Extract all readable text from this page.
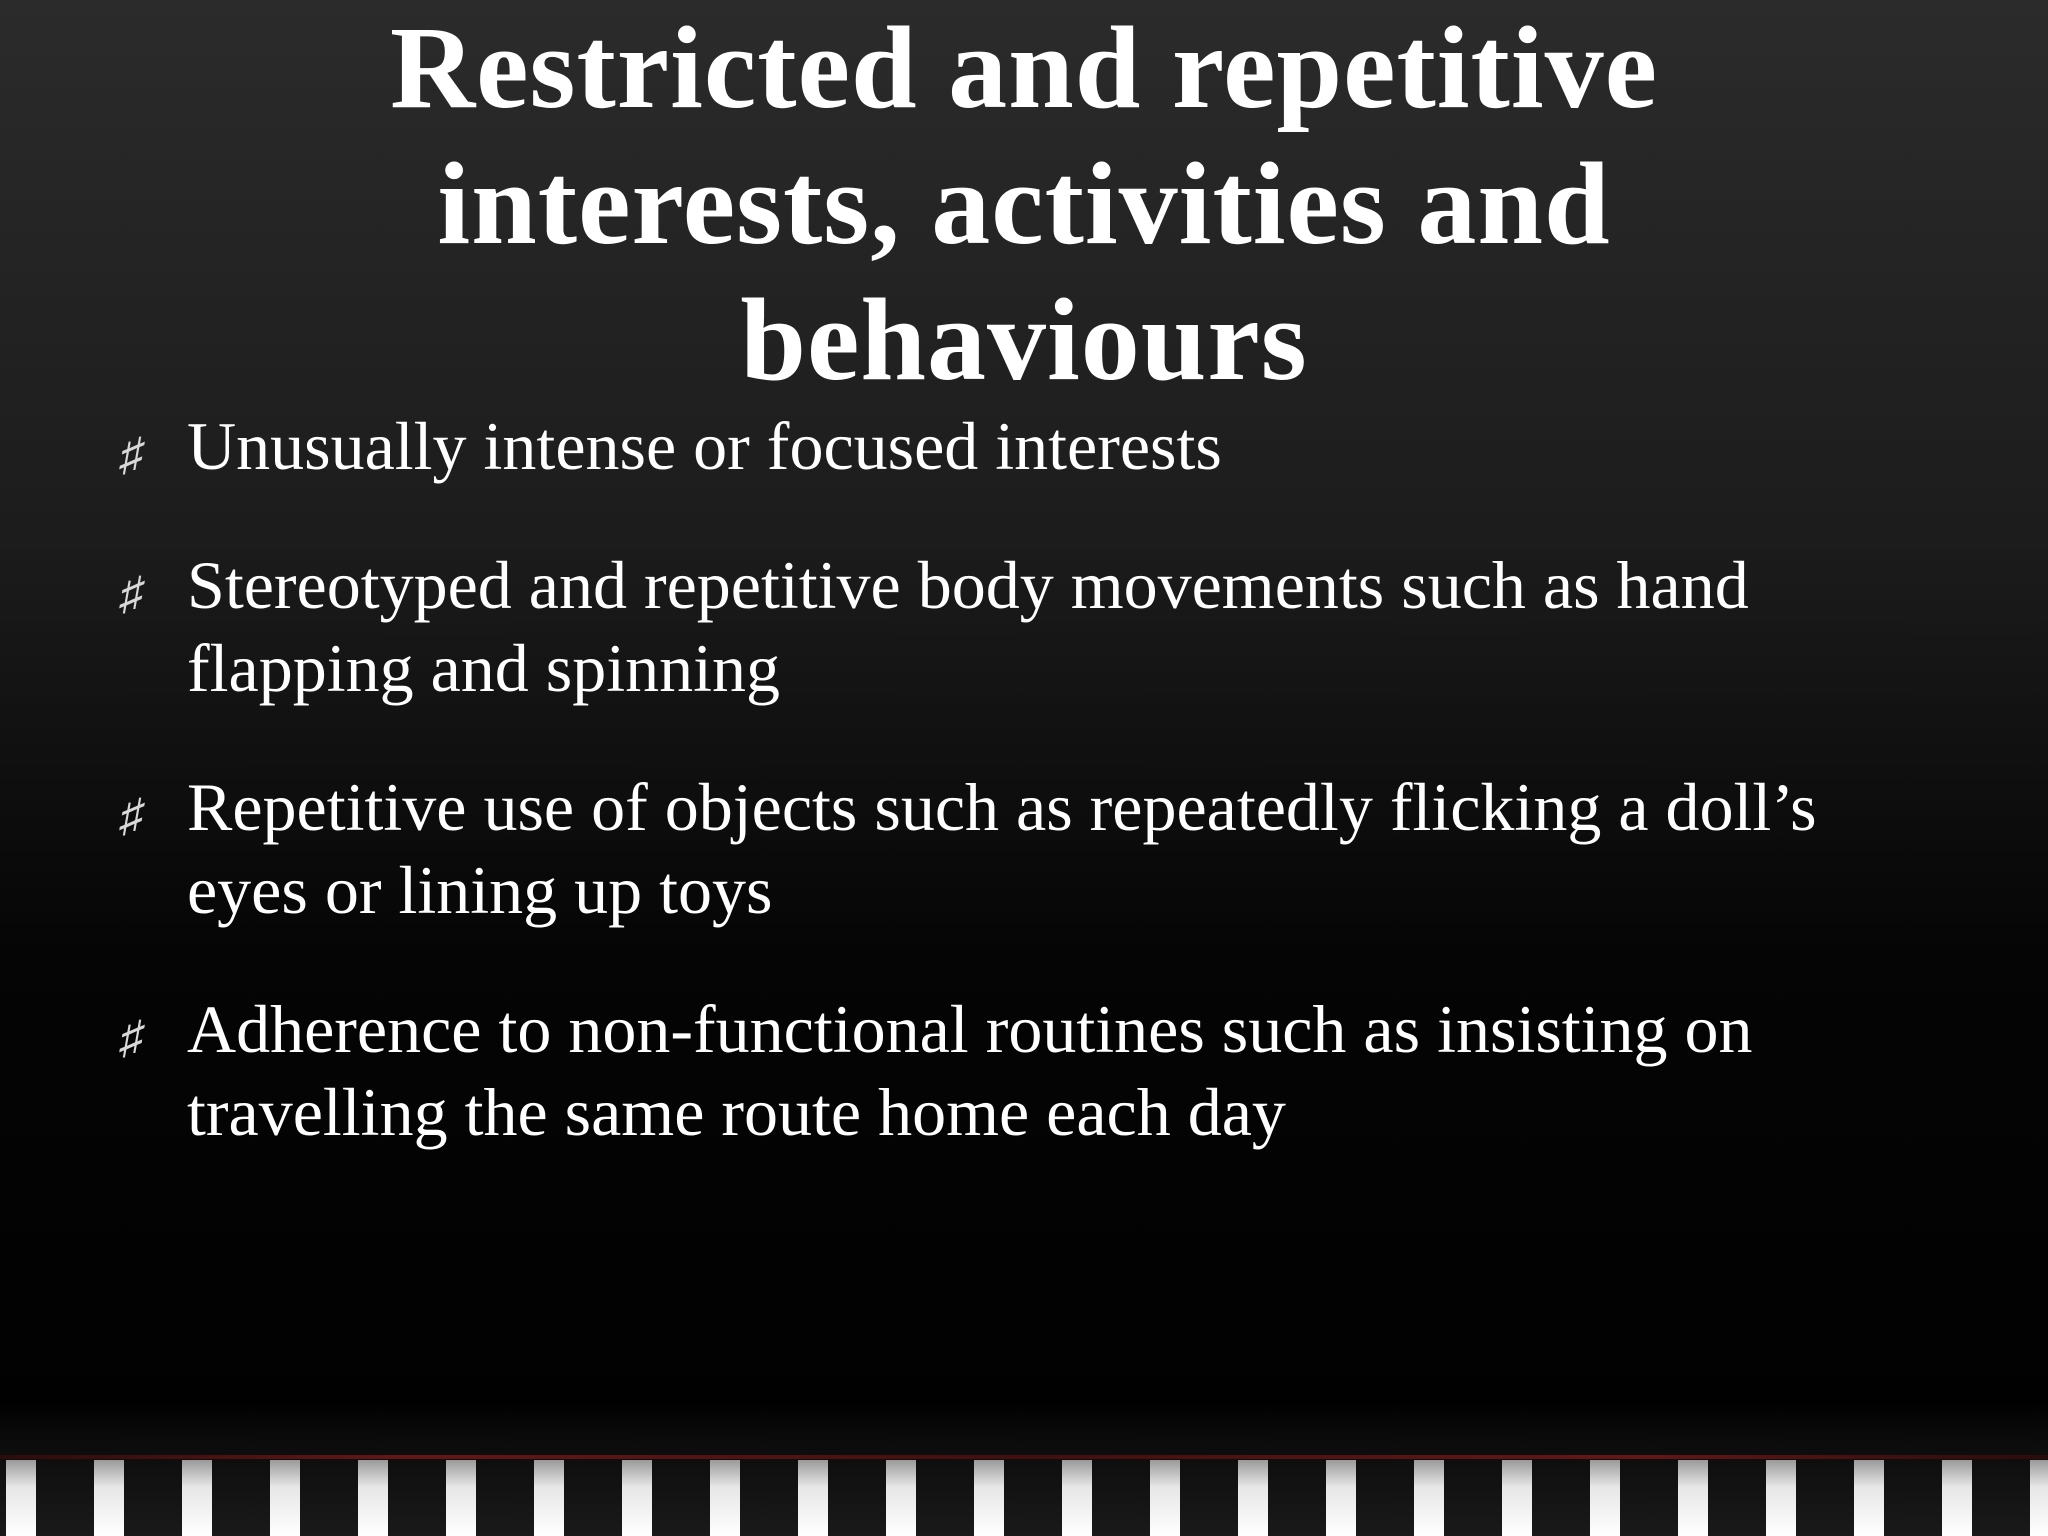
Restricted and repetitive
interests, activities and
behaviours
♯ Unusually intense or focused interests
♯ Stereotyped and repetitive body movements such as hand flapping and spinning
♯ Repetitive use of objects such as repeatedly flicking a doll’s eyes or lining up toys
♯ Adherence to non-functional routines such as insisting on travelling the same route home each day
